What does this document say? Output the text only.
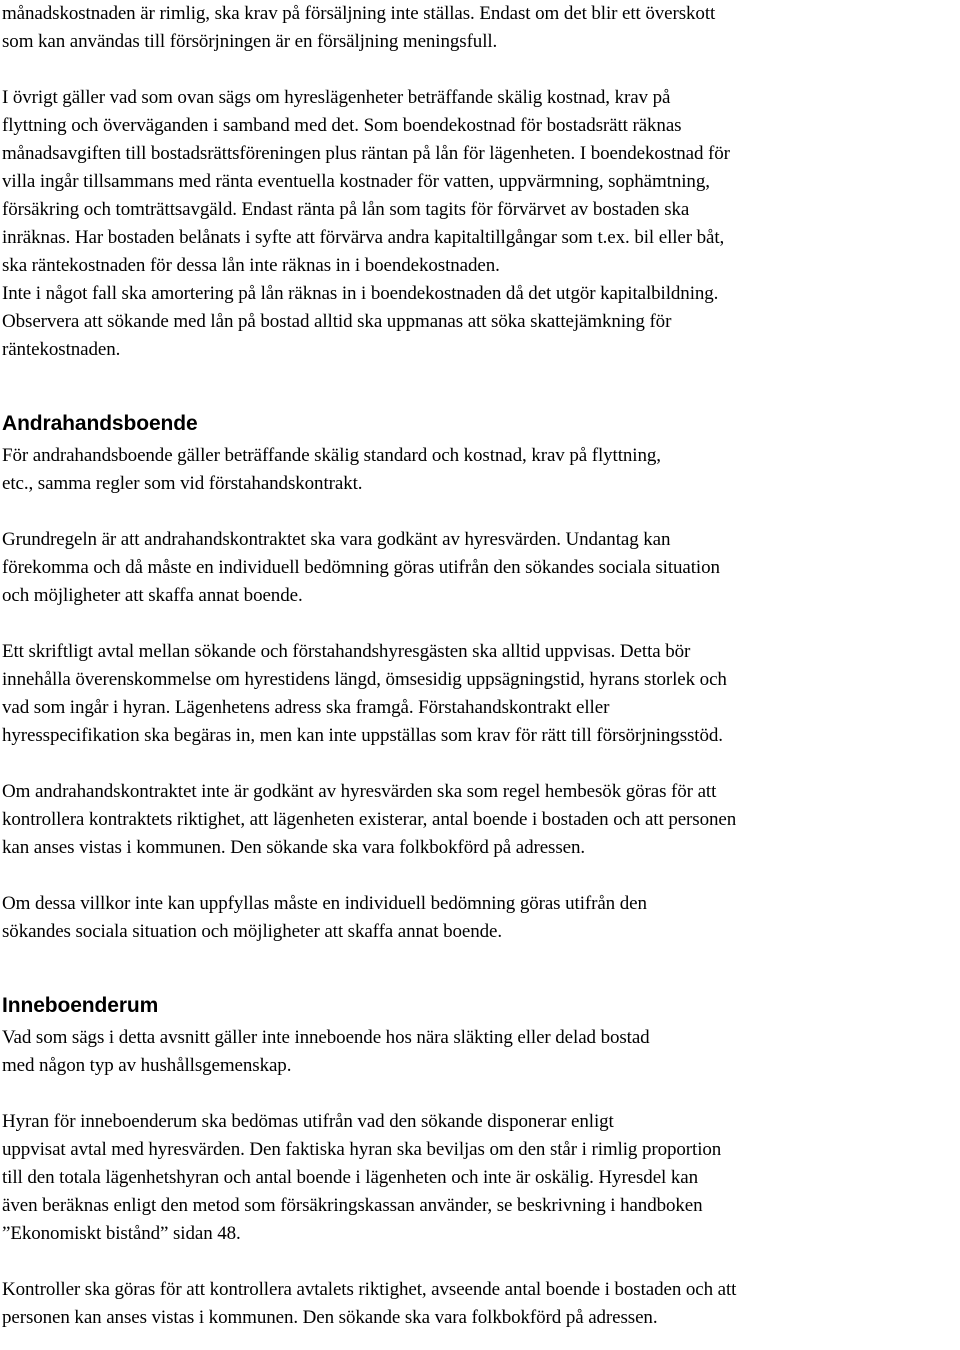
månadskostnaden är rimlig, ska krav på försäljning inte ställas. Endast om det blir ett överskott
som kan användas till försörjningen är en försäljning meningsfull.
I övrigt gäller vad som ovan sägs om hyreslägenheter beträffande skälig kostnad, krav på
flyttning och överväganden i samband med det. Som boendekostnad för bostadsrätt räknas
månadsavgiften till bostadsrättsföreningen plus räntan på lån för lägenheten. I boendekostnad för
villa ingår tillsammans med ränta eventuella kostnader för vatten, uppvärmning, sophämtning,
försäkring och tomträttsavgäld. Endast ränta på lån som tagits för förvärvet av bostaden ska
inräknas. Har bostaden belånats i syfte att förvärva andra kapitaltillgångar som t.ex. bil eller båt,
ska räntekostnaden för dessa lån inte räknas in i boendekostnaden.
Inte i något fall ska amortering på lån räknas in i boendekostnaden då det utgör kapitalbildning.
Observera att sökande med lån på bostad alltid ska uppmanas att söka skattejämkning för
räntekostnaden.
Andrahandsboende
För andrahandsboende gäller beträffande skälig standard och kostnad, krav på flyttning,
etc., samma regler som vid förstahandskontrakt.
Grundregeln är att andrahandskontraktet ska vara godkänt av hyresvärden. Undantag kan
förekomma och då måste en individuell bedömning göras utifrån den sökandes sociala situation
och möjligheter att skaffa annat boende.
Ett skriftligt avtal mellan sökande och förstahandshyresgästen ska alltid uppvisas. Detta bör
innehålla överenskommelse om hyrestidens längd, ömsesidig uppsägningstid, hyrans storlek och
vad som ingår i hyran. Lägenhetens adress ska framgå. Förstahandskontrakt eller
hyresspecifikation ska begäras in, men kan inte uppställas som krav för rätt till försörjningsstöd.
Om andrahandskontraktet inte är godkänt av hyresvärden ska som regel hembesök göras för att
kontrollera kontraktets riktighet, att lägenheten existerar, antal boende i bostaden och att personen
kan anses vistas i kommunen. Den sökande ska vara folkbokförd på adressen.
Om dessa villkor inte kan uppfyllas måste en individuell bedömning göras utifrån den
sökandes sociala situation och möjligheter att skaffa annat boende.
Inneboenderum
Vad som sägs i detta avsnitt gäller inte inneboende hos nära släkting eller delad bostad
med någon typ av hushållsgemenskap.
Hyran för inneboenderum ska bedömas utifrån vad den sökande disponerar enligt
uppvisat avtal med hyresvärden. Den faktiska hyran ska beviljas om den står i rimlig proportion
till den totala lägenhetshyran och antal boende i lägenheten och inte är oskälig. Hyresdel kan
även beräknas enligt den metod som försäkringskassan använder, se beskrivning i handboken
”Ekonomiskt bistånd” sidan 48.
Kontroller ska göras för att kontrollera avtalets riktighet, avseende antal boende i bostaden och att
personen kan anses vistas i kommunen. Den sökande ska vara folkbokförd på adressen.
